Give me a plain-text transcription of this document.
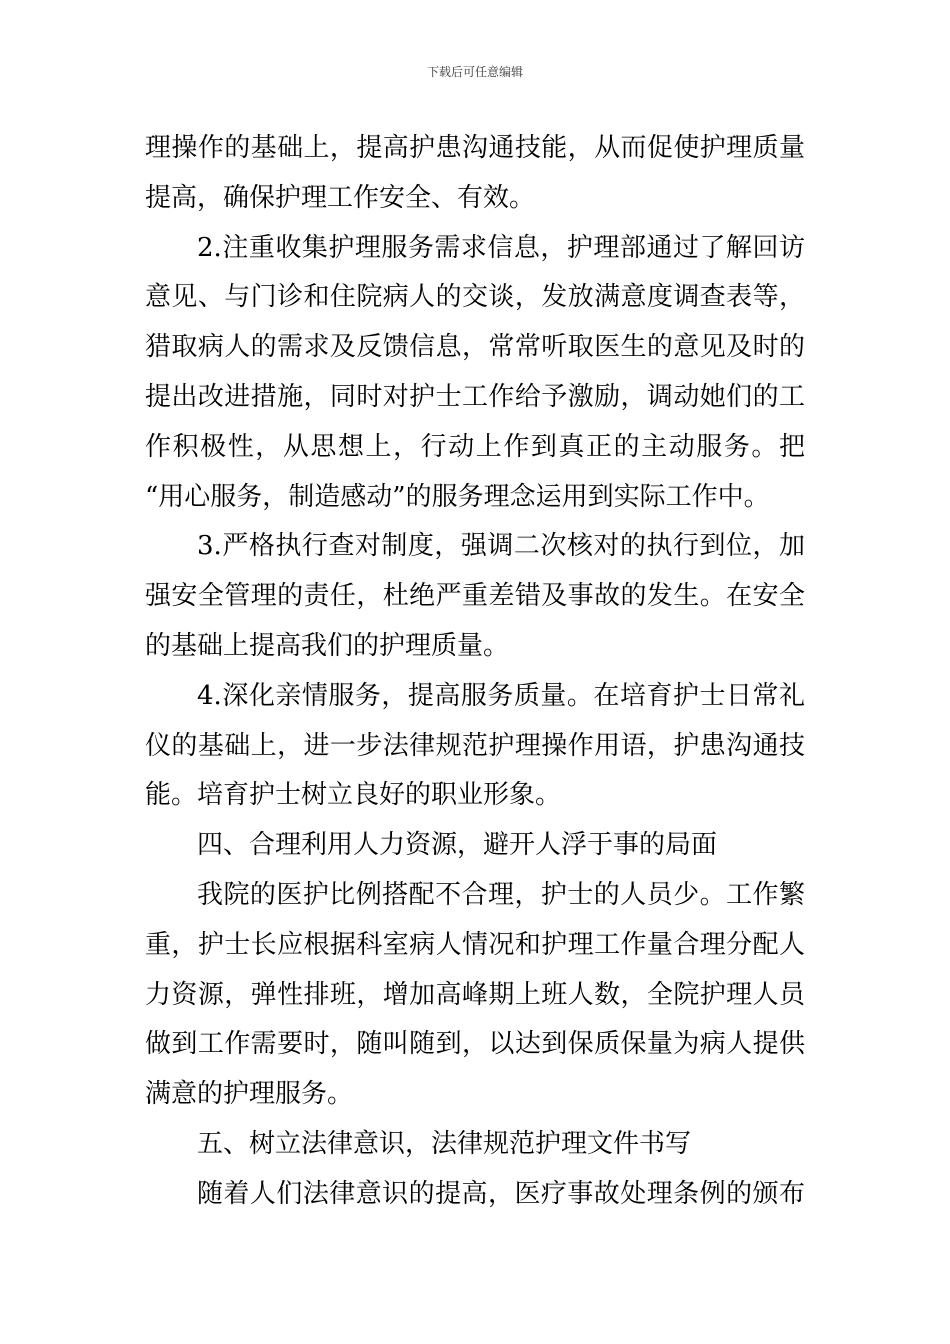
下载后可任意编辑
理操作的基础上，提高护患沟通技能，从而促使护理质量
提高，确保护理工作安全、有效。
2.注重收集护理服务需求信息，护理部通过了解回访
意见、与门诊和住院病人的交谈，发放满意度调查表等，
猎取病人的需求及反馈信息，常常听取医生的意见及时的
提出改进措施，同时对护士工作给予激励，调动她们的工
作积极性，从思想上，行动上作到真正的主动服务。把
“用心服务，制造感动”的服务理念运用到实际工作中。
3.严格执行查对制度，强调二次核对的执行到位，加
强安全管理的责任，杜绝严重差错及事故的发生。在安全
的基础上提高我们的护理质量。
4.深化亲情服务，提高服务质量。在培育护士日常礼
仪的基础上，进一步法律规范护理操作用语，护患沟通技
能。培育护士树立良好的职业形象。
四、合理利用人力资源，避开人浮于事的局面
我院的医护比例搭配不合理，护士的人员少。工作繁
重，护士长应根据科室病人情况和护理工作量合理分配人
力资源，弹性排班，增加高峰期上班人数，全院护理人员
做到工作需要时，随叫随到，以达到保质保量为病人提供
满意的护理服务。
五、树立法律意识，法律规范护理文件书写
随着人们法律意识的提高，医疗事故处理条例的颁布
